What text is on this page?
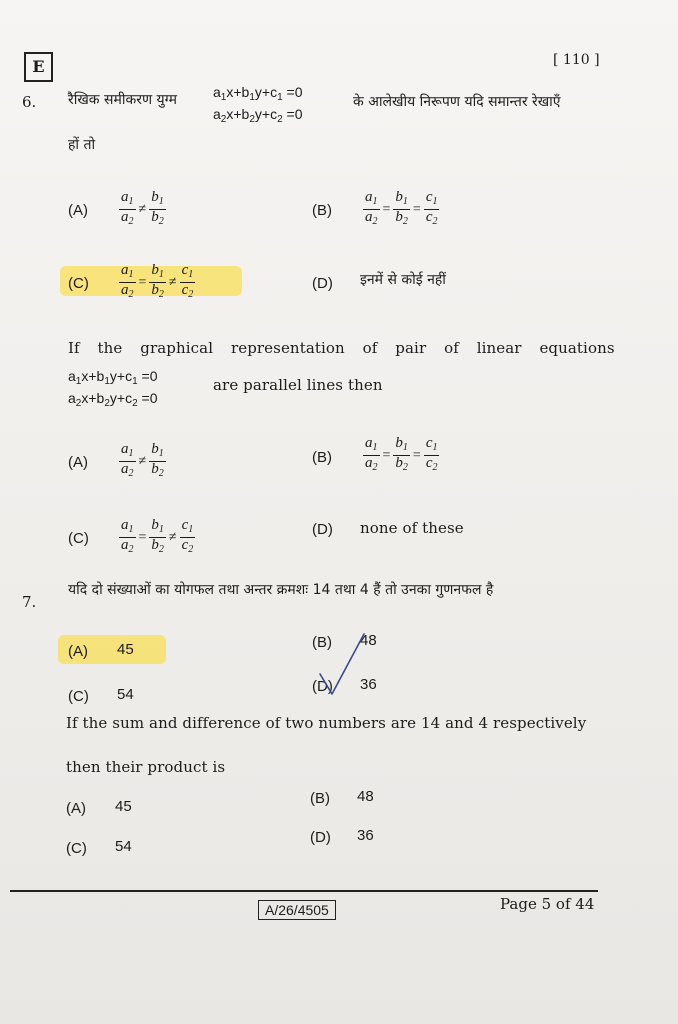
E	[ 110 ]
6. रैखिक समीकरण युग्म	$a_1x+b_1y+c_1 =0$
$a_2x+b_2y+c_2 =0$
के आलेखीय निरूपण यदि समान्तर रेखाएँ
हों तो
$(A) \frac{a_1}{a_2} \ne \frac{b_1}{b_2}$	$(B) \frac{a_1}{a_2} = \frac{b_1}{b_2} = \frac{c_1}{c_2}$
$(C) \frac{a_1}{a_2} = \frac{b_1}{b_2} \ne \frac{c_1}{c_2}$	(D) इनमें से कोई नहीं
If the graphical representation of pair of linear equations
$a_1x+b_1y+c_1 =0$
$a_2x+b_2y+c_2 =0$
are parallel lines then
$(A) \frac{a_1}{a_2} \ne \frac{b_1}{b_2}$	$(B) \frac{a_1}{a_2} = \frac{b_1}{b_2} = \frac{c_1}{c_2}$
$(C) \frac{a_1}{a_2} = \frac{b_1}{b_2} \ne \frac{c_1}{c_2}$	(D) none of these
7.
यदि दो संख्याओं का योगफल तथा अन्तर क्रमशः 14 तथा 4 हैं तो उनका गुणनफल है
(A) 45	(B) 48
(C) 54	(D) 36
If the sum and difference of two numbers are 14 and 4 respectively
then their product is
(A) 45	(B) 48
(C) 54
(D) 36
A/26/4505	Page 5 of 44
